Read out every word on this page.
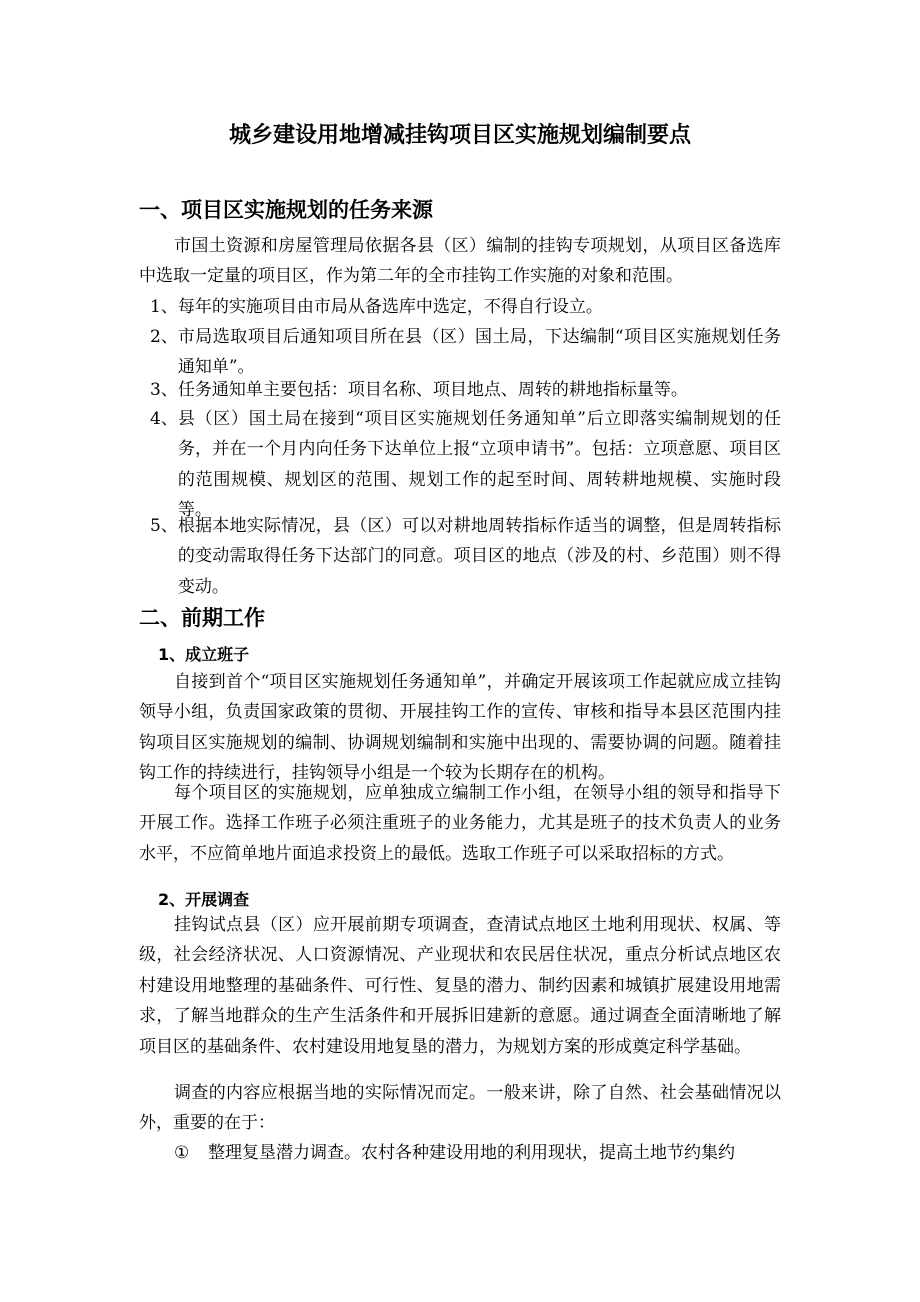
城乡建设用地增减挂钩项目区实施规划编制要点
一、项目区实施规划的任务来源

市国土资源和房屋管理局依据各县（区）编制的挂钩专项规划，从项目区备选库中选取一定量的项目区，作为第二年的全市挂钩工作实施的对象和范围。

1、 每年的实施项目由市局从备选库中选定，不得自行设立。
2、 市局选取项目后通知项目所在县（区）国土局，下达编制“项目区实施规划任务通知单”。
3、 任务通知单主要包括：项目名称、项目地点、周转的耕地指标量等。
4、 县（区）国土局在接到“项目区实施规划任务通知单”后立即落实编制规划的任务，并在一个月内向任务下达单位上报“立项申请书”。包括：立项意愿、项目区的范围规模、规划区的范围、规划工作的起至时间、周转耕地规模、实施时段等。
5、 根据本地实际情况，县（区）可以对耕地周转指标作适当的调整，但是周转指标的变动需取得任务下达部门的同意。项目区的地点（涉及的村、乡范围）则不得变动。
二、前期工作
1、成立班子

自接到首个“项目区实施规划任务通知单”，并确定开展该项工作起就应成立挂钩领导小组，负责国家政策的贯彻、开展挂钩工作的宣传、审核和指导本县区范围内挂钩项目区实施规划的编制、协调规划编制和实施中出现的、需要协调的问题。随着挂钩工作的持续进行，挂钩领导小组是一个较为长期存在的机构。

每个项目区的实施规划，应单独成立编制工作小组，在领导小组的领导和指导下开展工作。选择工作班子必须注重班子的业务能力，尤其是班子的技术负责人的业务水平，不应简单地片面追求投资上的最低。选取工作班子可以采取招标的方式。

2、开展调查

挂钩试点县（区）应开展前期专项调查，查清试点地区土地利用现状、权属、等级，社会经济状况、人口资源情况、产业现状和农民居住状况，重点分析试点地区农村建设用地整理的基础条件、可行性、复垦的潜力、制约因素和城镇扩展建设用地需求，了解当地群众的生产生活条件和开展拆旧建新的意愿。通过调查全面清晰地了解项目区的基础条件、农村建设用地复垦的潜力，为规划方案的形成奠定科学基础。

调查的内容应根据当地的实际情况而定。一般来讲，除了自然、社会基础情况以外，重要的在于：

①	整理复垦潜力调查。农村各种建设用地的利用现状，提高土地节约集约
